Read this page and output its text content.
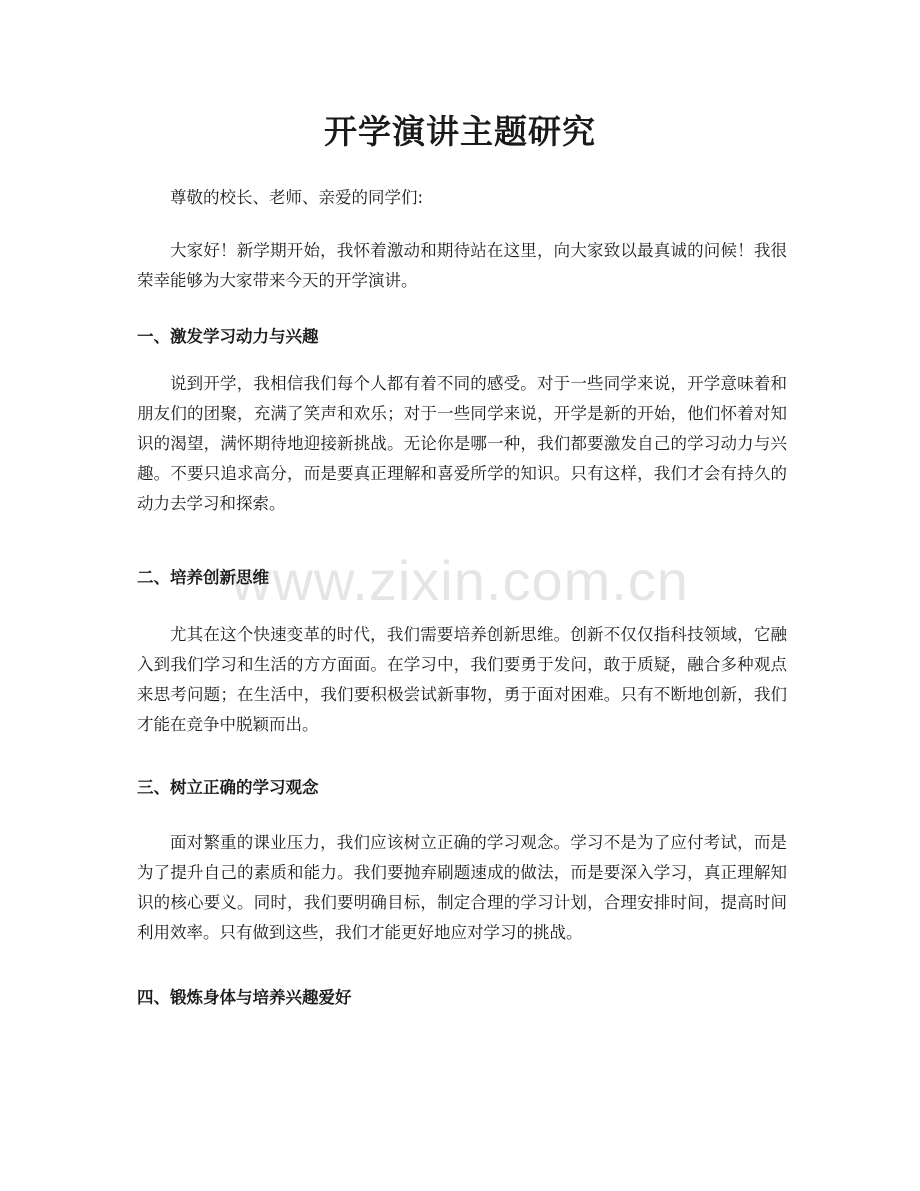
开学演讲主题研究

尊敬的校长、老师、亲爱的同学们:

大家好！新学期开始，我怀着激动和期待站在这里，向大家致以最真诚的问候！我很荣幸能够为大家带来今天的开学演讲。

一、激发学习动力与兴趣

说到开学，我相信我们每个人都有着不同的感受。对于一些同学来说，开学意味着和朋友们的团聚，充满了笑声和欢乐；对于一些同学来说，开学是新的开始，他们怀着对知识的渴望，满怀期待地迎接新挑战。无论你是哪一种，我们都要激发自己的学习动力与兴趣。不要只追求高分，而是要真正理解和喜爱所学的知识。只有这样，我们才会有持久的动力去学习和探索。

二、培养创新思维

尤其在这个快速变革的时代，我们需要培养创新思维。创新不仅仅指科技领域，它融入到我们学习和生活的方方面面。在学习中，我们要勇于发问，敢于质疑，融合多种观点来思考问题；在生活中，我们要积极尝试新事物，勇于面对困难。只有不断地创新，我们才能在竞争中脱颖而出。

三、树立正确的学习观念

面对繁重的课业压力，我们应该树立正确的学习观念。学习不是为了应付考试，而是为了提升自己的素质和能力。我们要抛弃刷题速成的做法，而是要深入学习，真正理解知识的核心要义。同时，我们要明确目标，制定合理的学习计划，合理安排时间，提高时间利用效率。只有做到这些，我们才能更好地应对学习的挑战。

四、锻炼身体与培养兴趣爱好
www.zixin.com.cn
